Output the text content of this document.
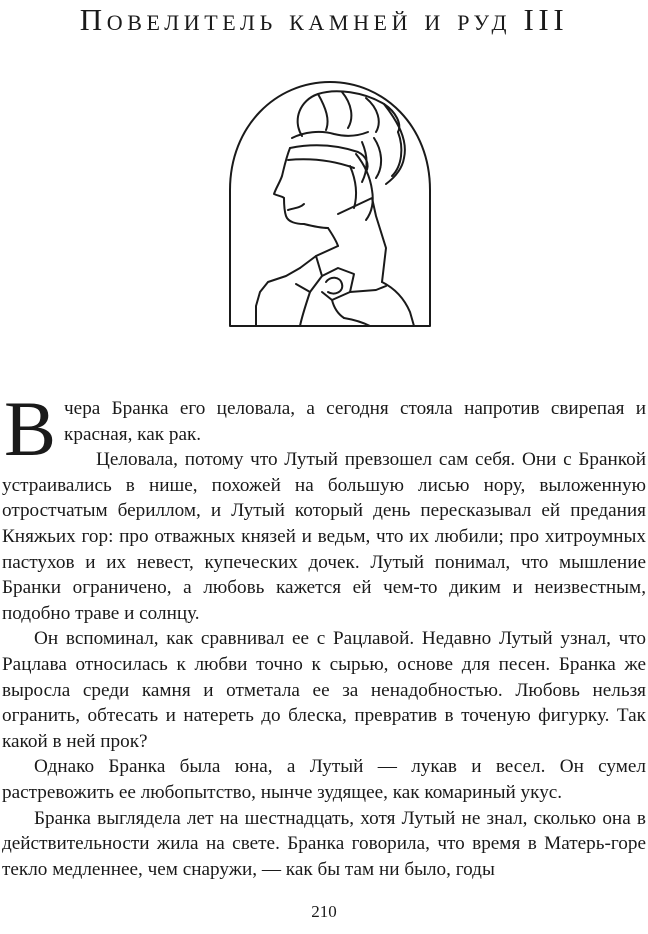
Повелитель камней и руд III

Вчера Бранка его целовала, а сегодня стояла напротив свирепая и красная, как рак.

Целовала, потому что Лутый превзошел сам себя. Они с Бранкой устраивались в нише, похожей на большую лисью нору, выложенную отростчатым бериллом, и Лутый который день пересказывал ей предания Княжьих гор: про отважных князей и ведьм, что их любили; про хитроумных пастухов и их невест, купеческих дочек. Лутый понимал, что мышление Бранки ограничено, а любовь кажется ей чем-то диким и неизвестным, подобно траве и солнцу.

Он вспоминал, как сравнивал ее с Рацлавой. Недавно Лутый узнал, что Рацлава относилась к любви точно к сырью, основе для песен. Бранка же выросла среди камня и отметала ее за ненадобностью. Любовь нельзя огранить, обтесать и натереть до блеска, превратив в точеную фигурку. Так какой в ней прок?

Однако Бранка была юна, а Лутый — лукав и весел. Он сумел растревожить ее любопытство, нынче зудящее, как комариный укус.

Бранка выглядела лет на шестнадцать, хотя Лутый не знал, сколько она в действительности жила на свете. Бранка говорила, что время в Матерь-горе текло медленнее, чем снаружи, — как бы там ни было, годы

210
